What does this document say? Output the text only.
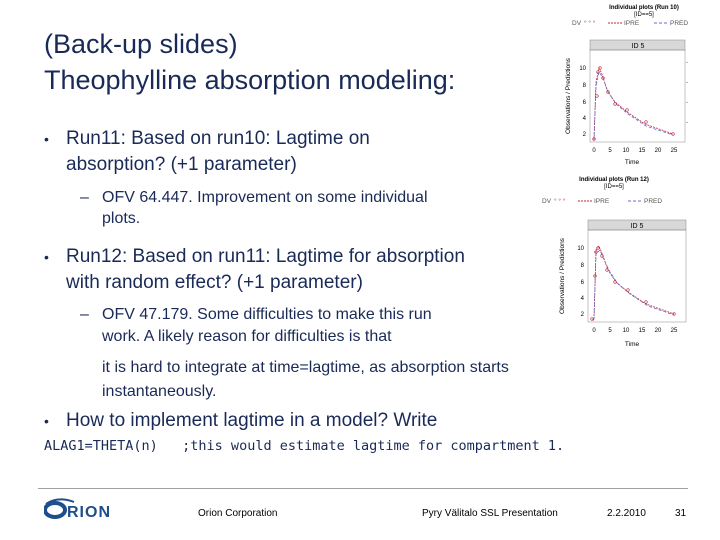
(Back-up slides)
Theophylline absorption modeling:
• Run11: Based on run10: Lagtime on
absorption? (+1 parameter)
– OFV 64.447. Improvement on some individual
plots.
• Run12: Based on run11: Lagtime for absorption
with random effect? (+1 parameter)
– OFV 47.179. Some difficulties to make this run
work. A likely reason for difficulties is that
it is hard to integrate at time=lagtime, as absorption starts
instantaneously.
• How to implement lagtime in a model? Write
ALAG1=THETA(n)   ;this would estimate lagtime for compartment 1.
Individual plots (Run 10)
[ID==5]
DV ° ° °	IPRE	PRED
ID 5
Observations / Predictions 10
8
6
4
2
0 5 10 15 20 25
Time
Individual plots (Run 12)
[ID==5]
DV ° ° °	IPRE	PRED
ID 5
Observations / Predictions 10
8
6
4
2
0 5 10 15 20 25
Time
RION	Orion Corporation	Pyry Välitalo SSL Presentation	2.2.2010	31
